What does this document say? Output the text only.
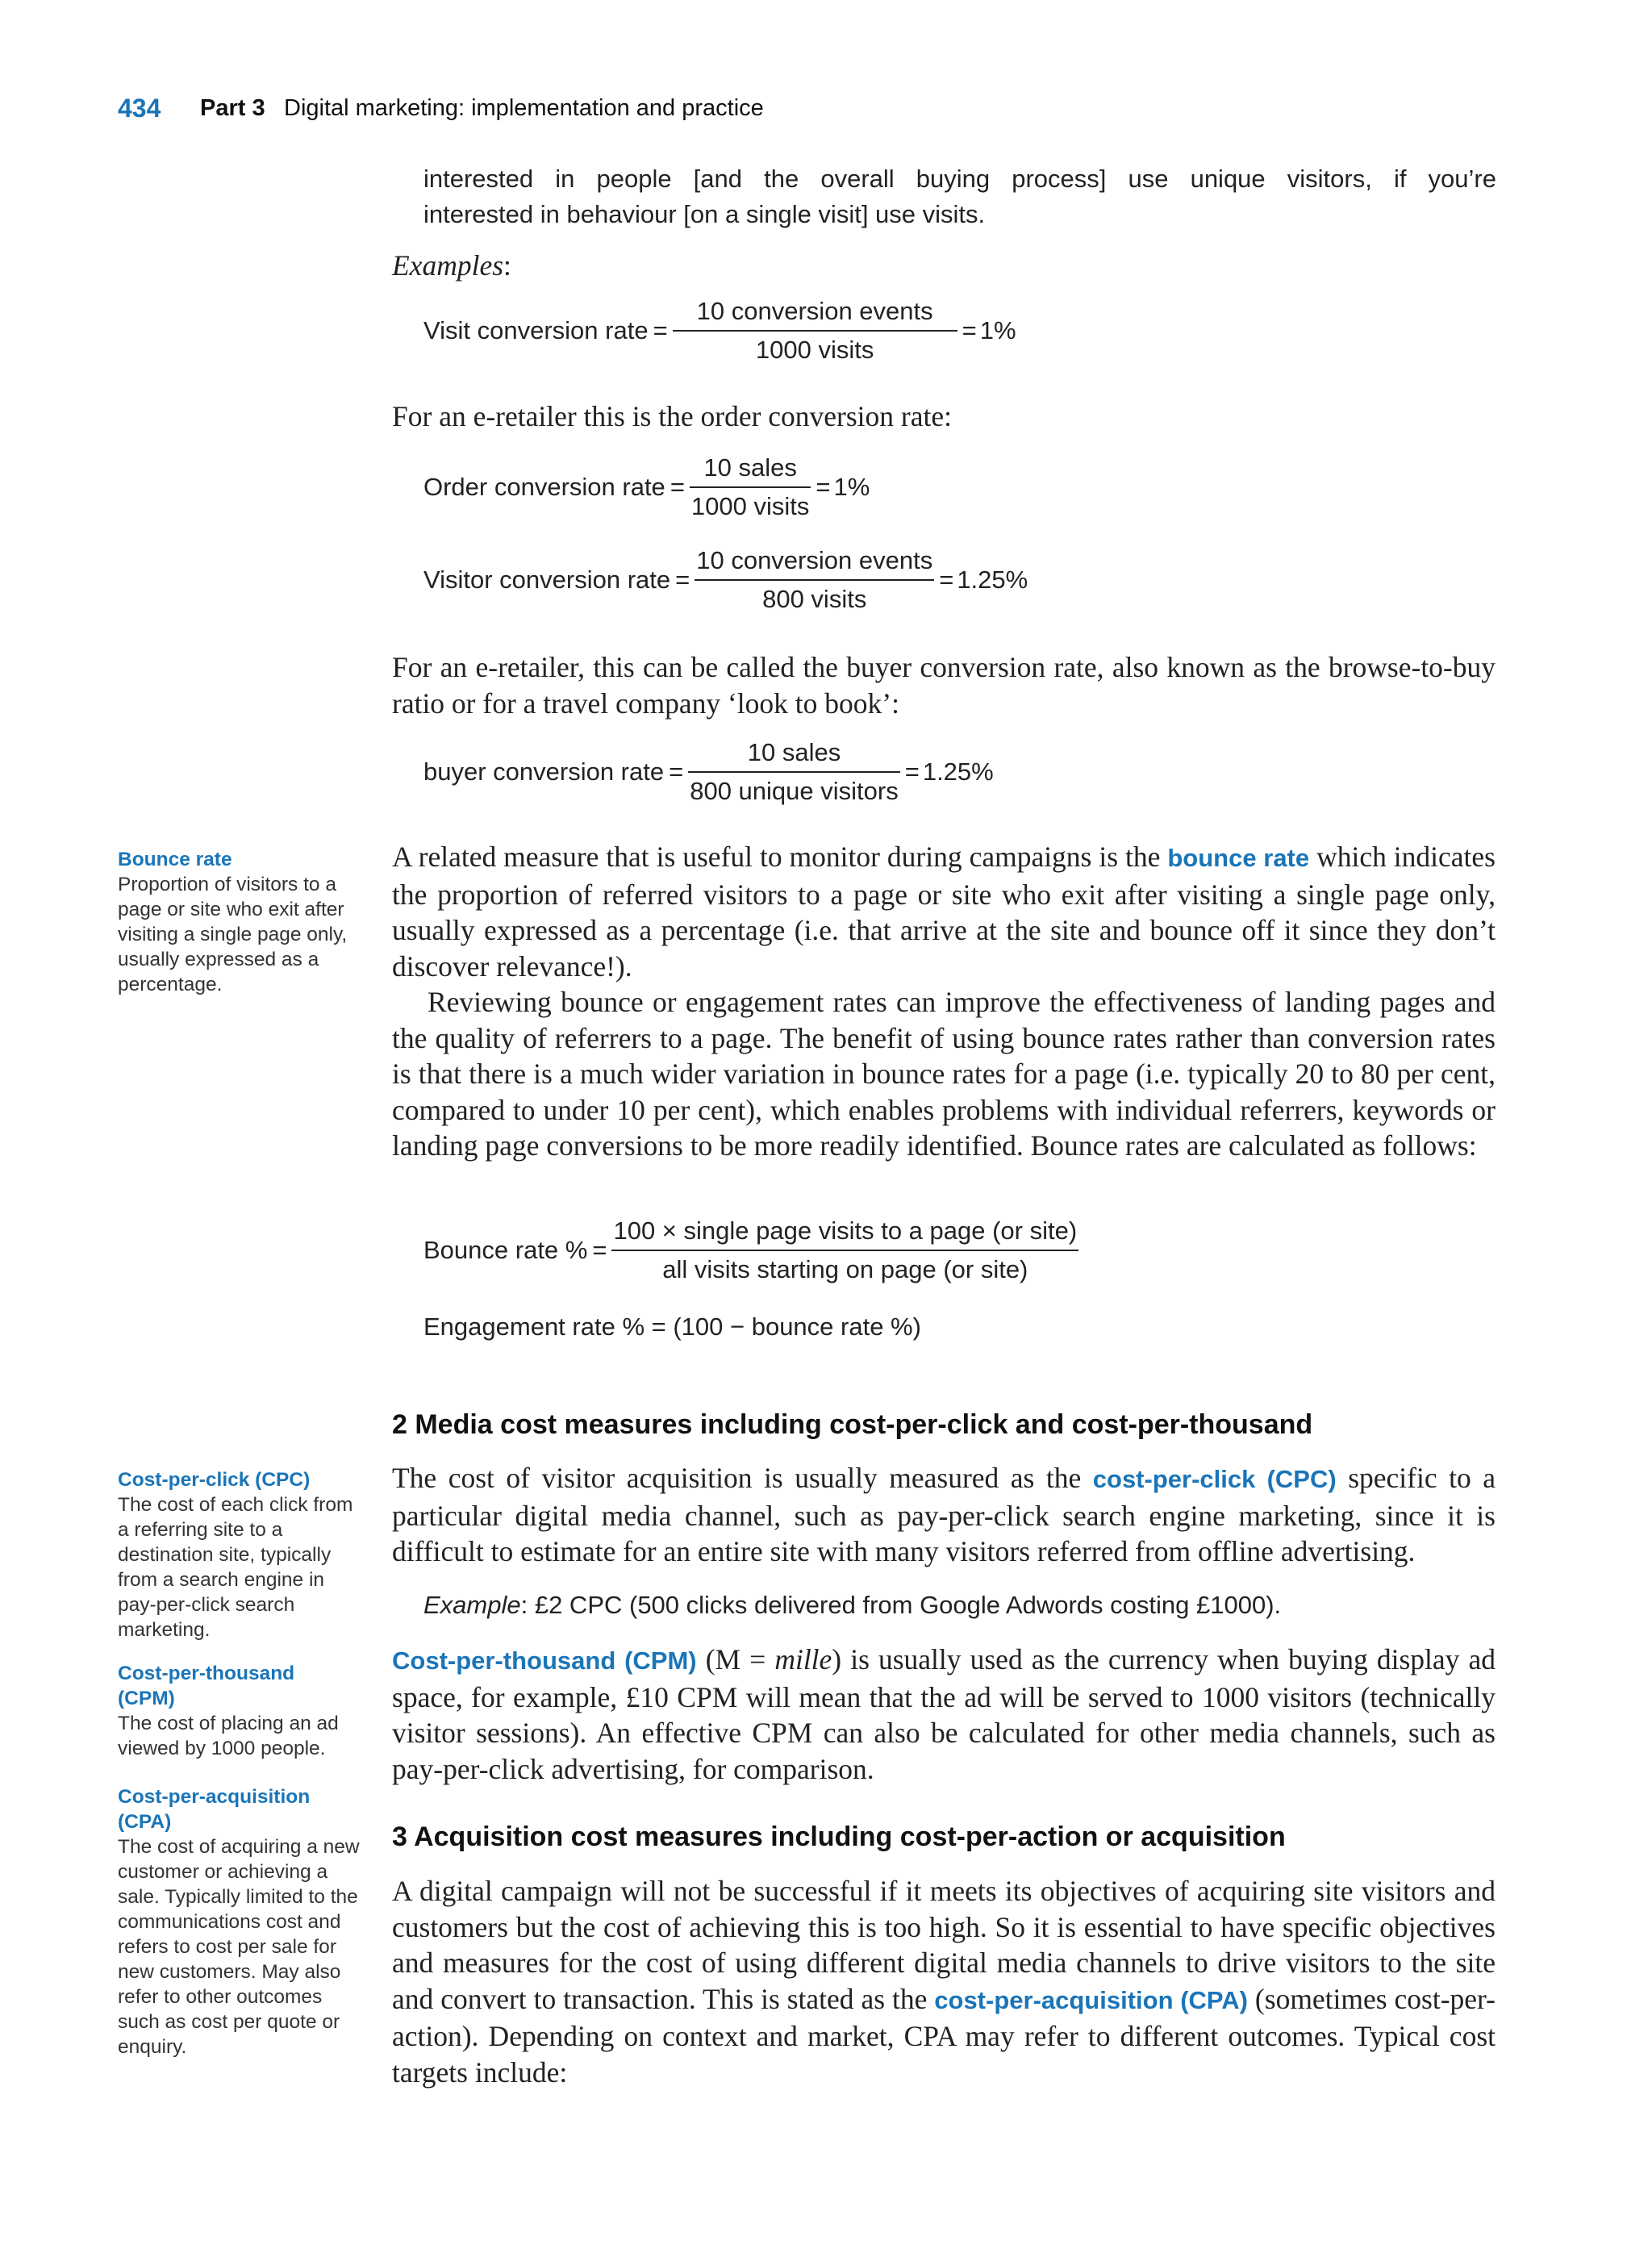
434 Part 3 Digital marketing: implementation and practice
interested in people [and the overall buying process] use unique visitors, if you’re
interested in behaviour [on a single visit] use visits.
Examples:
Visit conversion rate = $\frac{\text{10 conversion events}}{\text{1000 visits}} = 1\%$
For an e-retailer this is the order conversion rate:
Order conversion rate = $\frac{\text{10 sales}}{\text{1000 visits}} = 1\%$
Visitor conversion rate = $\frac{\text{10 conversion events}}{\text{800 visits}} = 1.25\%$
For an e-retailer, this can be called the buyer conversion rate, also known as the browse-to-buy ratio or for a travel company ‘look to book’:
buyer conversion rate = $\frac{\text{10 sales}}{\text{800 unique visitors}} = 1.25\%$

A related measure that is useful to monitor during campaigns is the bounce rate which indicates the proportion of referred visitors to a page or site who exit after visiting a single page only, usually expressed as a percentage (i.e. that arrive at the site and bounce off it since they don’t discover relevance!).

Reviewing bounce or engagement rates can improve the effectiveness of landing pages and the quality of referrers to a page. The benefit of using bounce rates rather than conversion rates is that there is a much wider variation in bounce rates for a page (i.e. typically 20 to 80 per cent, compared to under 10 per cent), which enables problems with individual referrers, keywords or landing page conversions to be more readily identified. Bounce rates are calculated as follows:

Bounce rate % = $\frac{\text{100 × single page visits to a page (or site)}}{\text{all visits starting on page (or site)}}$
Engagement rate % = (100 − bounce rate %)
2 Media cost measures including cost-per-click and cost-per-thousand

The cost of visitor acquisition is usually measured as the cost-per-click (CPC) specific to a particular digital media channel, such as pay-per-click search engine marketing, since it is difficult to estimate for an entire site with many visitors referred from offline advertising.

Example: £2 CPC (500 clicks delivered from Google Adwords costing £1000).

Cost-per-thousand (CPM) (M = mille) is usually used as the currency when buying display ad space, for example, £10 CPM will mean that the ad will be served to 1000 visitors (technically visitor sessions). An effective CPM can also be calculated for other media channels, such as pay-per-click advertising, for comparison.

3 Acquisition cost measures including cost-per-action or acquisition

A digital campaign will not be successful if it meets its objectives of acquiring site visitors and customers but the cost of achieving this is too high. So it is essential to have specific objectives and measures for the cost of using different digital media channels to drive visitors to the site and convert to transaction. This is stated as the cost-per-acquisition (CPA) (sometimes cost-per-action). Depending on context and market, CPA may refer to different outcomes. Typical cost targets include:

Bounce rate
Proportion of visitors to a page or site who exit after visiting a single page only, usually expressed as a percentage.
Cost-per-click (CPC)
The cost of each click from a referring site to a destination site, typically from a search engine in pay-per-click search marketing.
Cost-per-thousand (CPM)
The cost of placing an ad viewed by 1000 people.
Cost-per-acquisition (CPA)
The cost of acquiring a new customer or achieving a sale. Typically limited to the communications cost and refers to cost per sale for new customers. May also refer to other outcomes such as cost per quote or enquiry.
